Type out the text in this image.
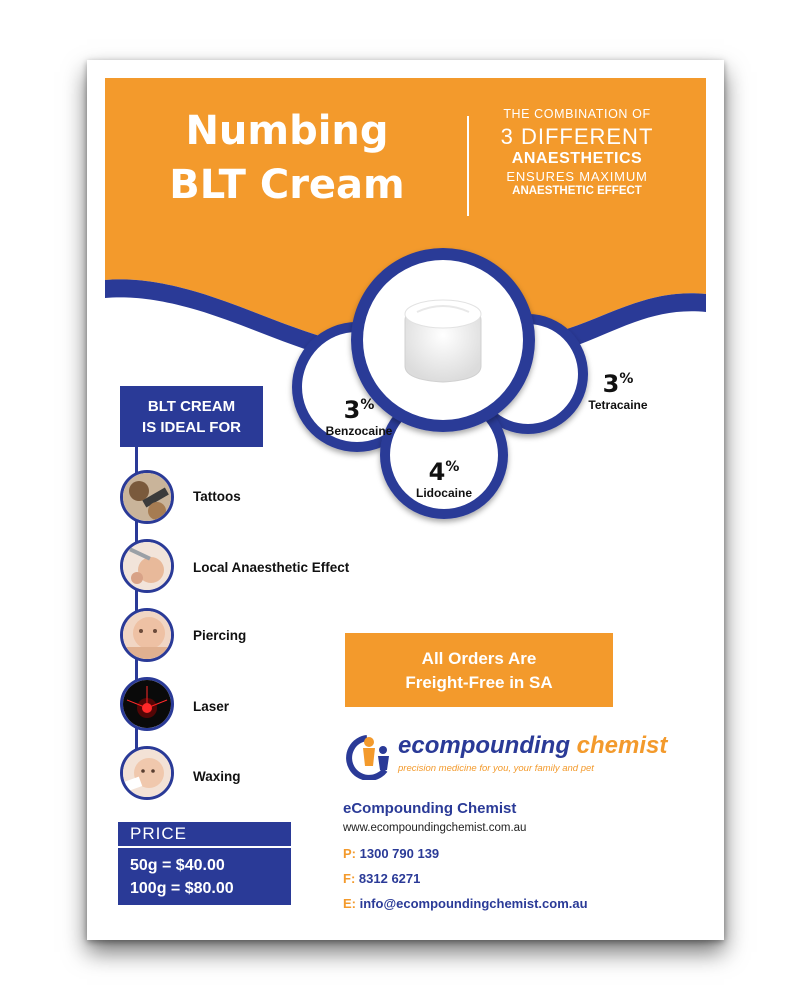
Numbing
BLT Cream
THE COMBINATION OF
3 DIFFERENT
ANAESTHETICS
ENSURES MAXIMUM
ANAESTHETIC EFFECT
3%
Benzocaine
4%
Lidocaine
3%
Tetracaine
BLT CREAM
IS IDEAL FOR
Tattoos
Local Anaesthetic Effect
Piercing
Laser
Waxing
PRICE
50g = $40.00
100g = $80.00
All Orders Are
Freight-Free in SA
ecompounding chemist
precision medicine for you, your family and pet
eCompounding Chemist
www.ecompoundingchemist.com.au
P: 1300 790 139
F: 8312 6271
E: info@ecompoundingchemist.com.au
